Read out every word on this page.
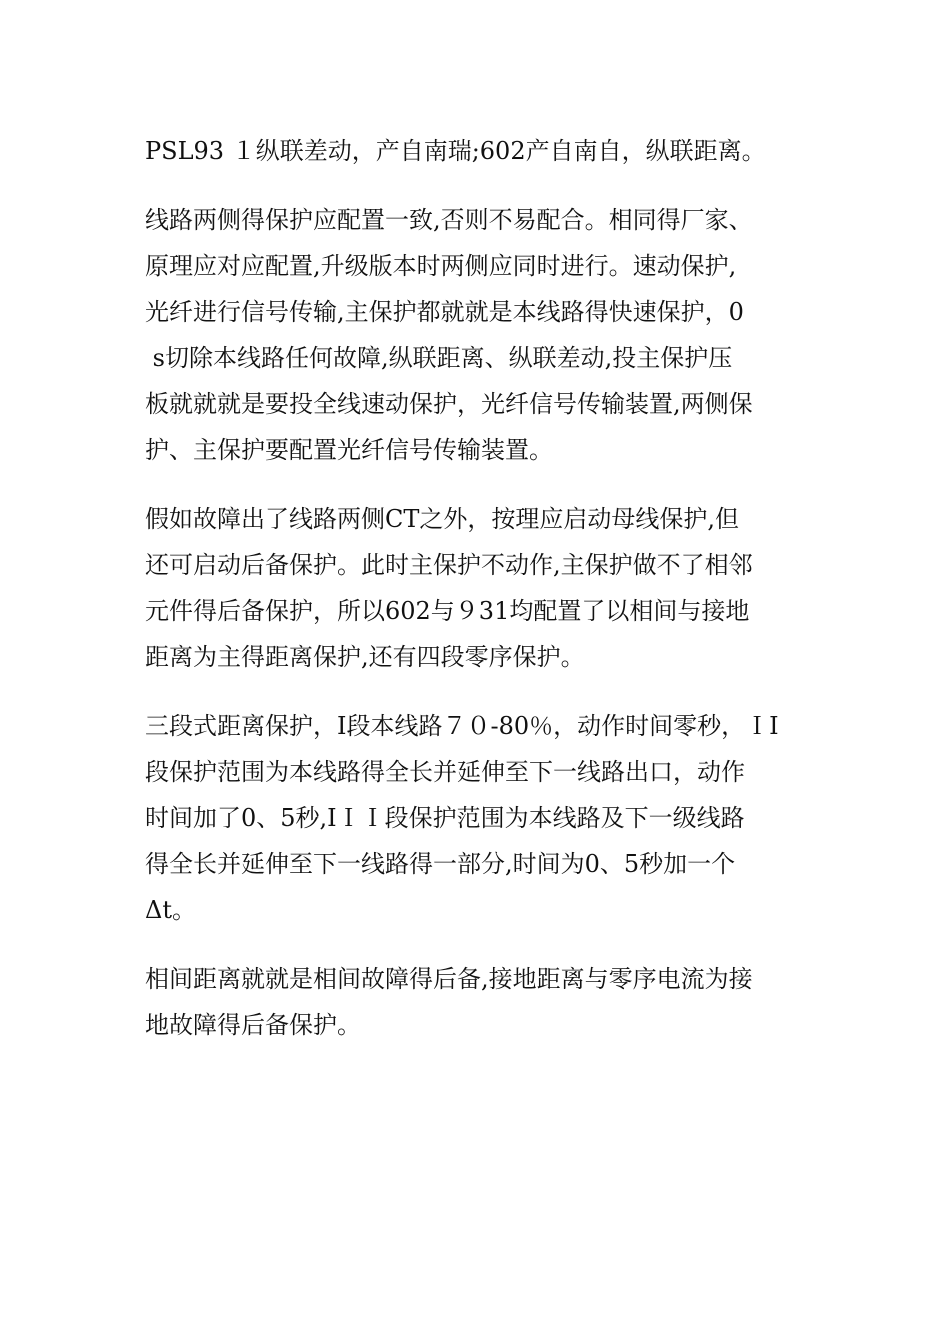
PSL93 １纵联差动，产自南瑞;602产自南自，纵联距离。

线路两侧得保护应配置一致,否则不易配合。相同得厂家、
原理应对应配置,升级版本时两侧应同时进行。速动保护,
光纤进行信号传输,主保护都就就是本线路得快速保护，0
s切除本线路任何故障,纵联距离、纵联差动,投主保护压
板就就就是要投全线速动保护，光纤信号传输装置,两侧保
护、主保护要配置光纤信号传输装置。

假如故障出了线路两侧CT之外，按理应启动母线保护,但
还可启动后备保护。此时主保护不动作,主保护做不了相邻
元件得后备保护，所以602与９31均配置了以相间与接地
距离为主得距离保护,还有四段零序保护。

三段式距离保护，I段本线路７０-80％，动作时间零秒，ＩI
段保护范围为本线路得全长并延伸至下一线路出口，动作
时间加了0、5秒,IＩＩ段保护范围为本线路及下一级线路
得全长并延伸至下一线路得一部分,时间为0、5秒加一个
Δt。

相间距离就就是相间故障得后备,接地距离与零序电流为接
地故障得后备保护。
